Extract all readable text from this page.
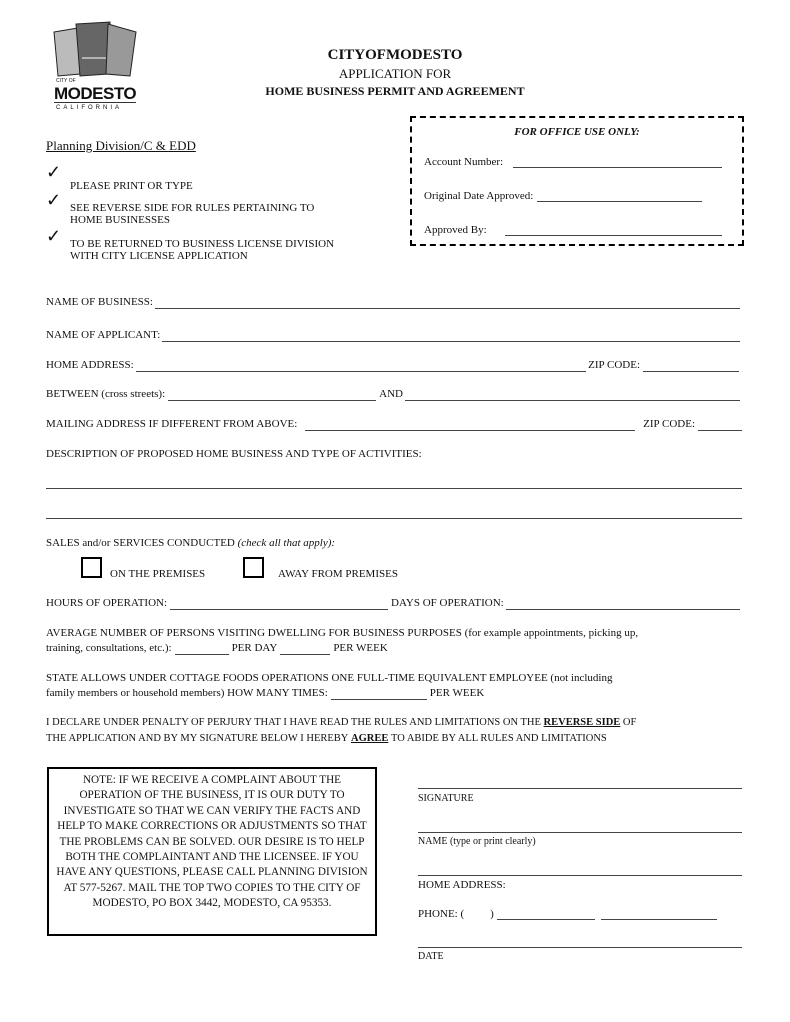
CITY OF
MODESTO
CALIFORNIA
CITYOFMODESTO
APPLICATION FOR
HOME BUSINESS PERMIT AND AGREEMENT
Planning Division/C & EDD
✓
PLEASE PRINT OR TYPE
✓ SEE REVERSE SIDE FOR RULES PERTAINING TO
HOME BUSINESSES
✓ TO BE RETURNED TO BUSINESS LICENSE DIVISION
WITH CITY LICENSE APPLICATION
FOR OFFICE USE ONLY:
Account Number:
Original Date Approved:
Approved By:
NAME OF BUSINESS:
NAME OF APPLICANT:
HOME ADDRESS:	ZIP CODE:
BETWEEN (cross streets):	AND
MAILING ADDRESS IF DIFFERENT FROM ABOVE:	ZIP CODE:
DESCRIPTION OF PROPOSED HOME BUSINESS AND TYPE OF ACTIVITIES:
SALES and/or SERVICES CONDUCTED
(check all that apply):
ON THE PREMISES	AWAY FROM PREMISES
HOURS OF OPERATION:	DAYS OF OPERATION:
AVERAGE NUMBER OF PERSONS VISITING DWELLING FOR BUSINESS PURPOSES (for example appointments, picking up,
training, consultations, etc.):	PER DAY	PER WEEK
STATE ALLOWS UNDER COTTAGE FOODS OPERATIONS ONE FULL-TIME EQUIVALENT EMPLOYEE (not including
family members or household members) HOW MANY TIMES:	PER WEEK
I DECLARE UNDER PENALTY OF PERJURY THAT I HAVE READ THE RULES AND LIMITATIONS ON THE
REVERSE SIDE
OF
THE APPLICATION AND BY MY SIGNATURE BELOW I HEREBY
AGREE
TO ABIDE BY ALL RULES AND LIMITATIONS
NOTE: IF WE RECEIVE A COMPLAINT ABOUT THE OPERATION OF THE BUSINESS, IT IS OUR DUTY TO INVESTIGATE SO THAT WE CAN VERIFY THE FACTS AND HELP TO MAKE CORRECTIONS OR ADJUSTMENTS SO THAT THE PROBLEMS CAN BE SOLVED. OUR DESIRE IS TO HELP BOTH THE COMPLAINTANT AND THE LICENSEE. IF YOU HAVE ANY QUESTIONS, PLEASE CALL PLANNING DIVISION AT 577-5267. MAIL THE TOP TWO COPIES TO THE CITY OF MODESTO, PO BOX 3442, MODESTO, CA 95353.
SIGNATURE
NAME (type or print clearly)
HOME ADDRESS:
PHONE: ( )
DATE
